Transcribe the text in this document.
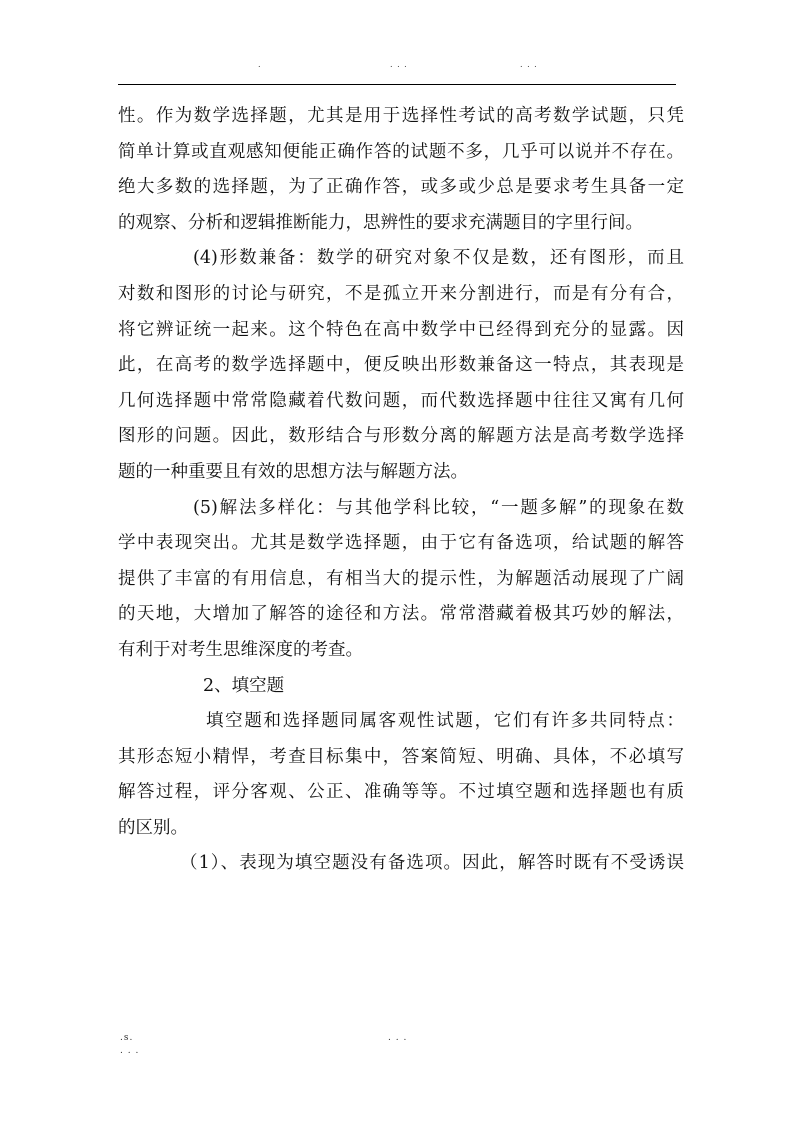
.	. . .	. . .
性。作为数学选择题，尤其是用于选择性考试的高考数学试题，只凭
简单计算或直观感知便能正确作答的试题不多，几乎可以说并不存在。
绝大多数的选择题，为了正确作答，或多或少总是要求考生具备一定
的观察、分析和逻辑推断能力，思辨性的要求充满题目的字里行间。
(4)形数兼备：数学的研究对象不仅是数，还有图形，而且
对数和图形的讨论与研究，不是孤立开来分割进行，而是有分有合，
将它辨证统一起来。这个特色在高中数学中已经得到充分的显露。因
此，在高考的数学选择题中，便反映出形数兼备这一特点，其表现是
几何选择题中常常隐藏着代数问题，而代数选择题中往往又寓有几何
图形的问题。因此，数形结合与形数分离的解题方法是高考数学选择
题的一种重要且有效的思想方法与解题方法。
(5)解法多样化：与其他学科比较，“一题多解”的现象在数
学中表现突出。尤其是数学选择题，由于它有备选项，给试题的解答
提供了丰富的有用信息，有相当大的提示性，为解题活动展现了广阔
的天地，大增加了解答的途径和方法。常常潜藏着极其巧妙的解法，
有利于对考生思维深度的考查。
2、填空题
填空题和选择题同属客观性试题，它们有许多共同特点：
其形态短小精悍，考查目标集中，答案简短、明确、具体，不必填写
解答过程，评分客观、公正、准确等等。不过填空题和选择题也有质
的区别。
（1）、表现为填空题没有备选项。因此，解答时既有不受诱误
.s.	. . .
. . .
